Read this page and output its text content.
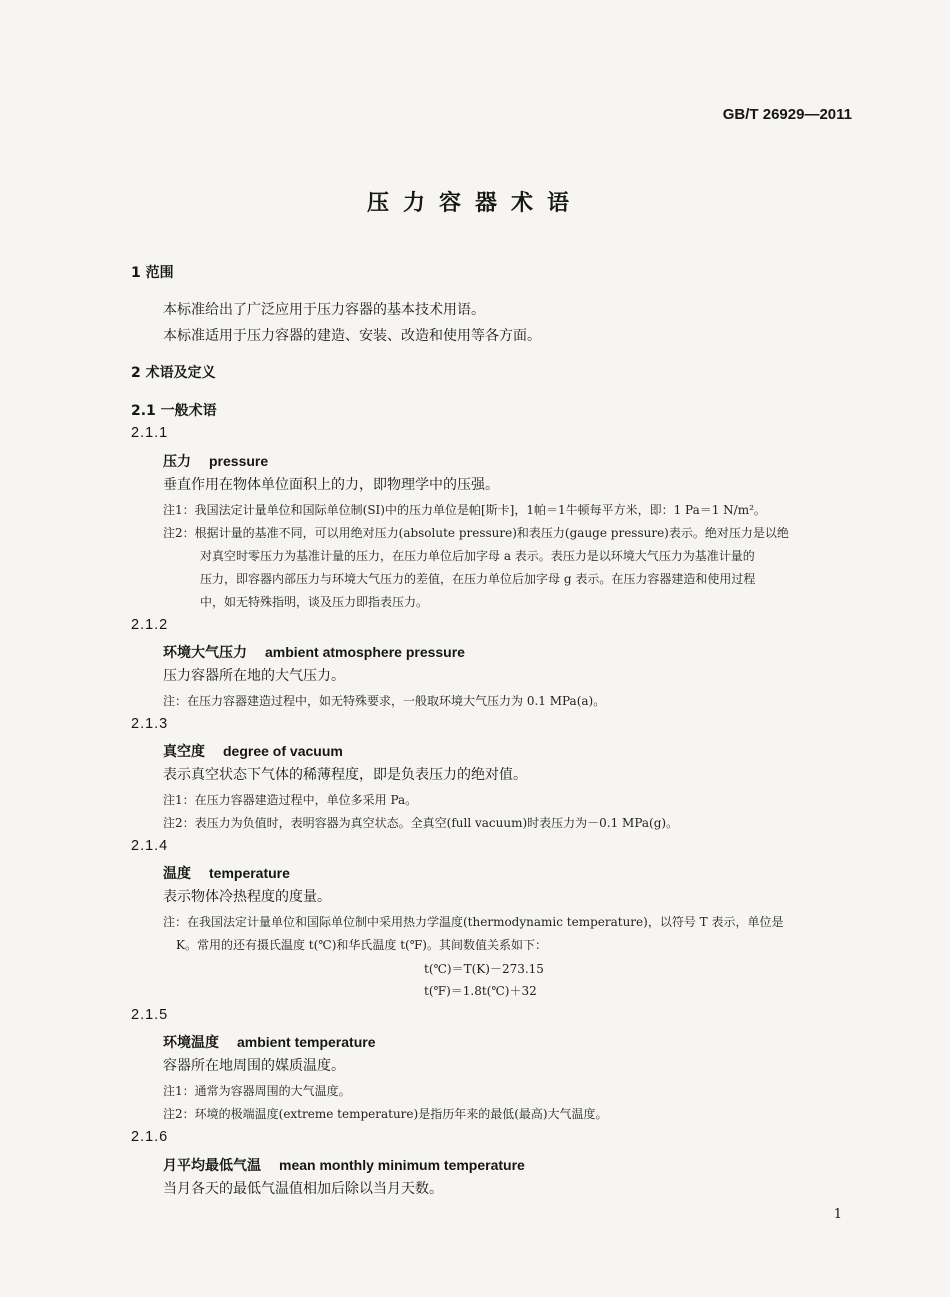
GB/T 26929—2011
压力容器术语
1 范围
本标准给出了广泛应用于压力容器的基本技术用语。
本标准适用于压力容器的建造、安装、改造和使用等各方面。
2 术语及定义
2.1 一般术语
2.1.1
压力 pressure
垂直作用在物体单位面积上的力，即物理学中的压强。
注1：我国法定计量单位和国际单位制(SI)中的压力单位是帕[斯卡]，1帕＝1牛顿每平方米，即：1 Pa＝1 N/m²。
注2：根据计量的基准不同，可以用绝对压力(absolute pressure)和表压力(gauge pressure)表示。绝对压力是以绝
对真空时零压力为基准计量的压力，在压力单位后加字母 a 表示。表压力是以环境大气压力为基准计量的
压力，即容器内部压力与环境大气压力的差值，在压力单位后加字母 g 表示。在压力容器建造和使用过程
中，如无特殊指明，谈及压力即指表压力。
2.1.2
环境大气压力 ambient atmosphere pressure
压力容器所在地的大气压力。
注：在压力容器建造过程中，如无特殊要求，一般取环境大气压力为 0.1 MPa(a)。
2.1.3
真空度 degree of vacuum
表示真空状态下气体的稀薄程度，即是负表压力的绝对值。
注1：在压力容器建造过程中，单位多采用 Pa。
注2：表压力为负值时，表明容器为真空状态。全真空(full vacuum)时表压力为－0.1 MPa(g)。
2.1.4
温度 temperature
表示物体冷热程度的度量。
注：在我国法定计量单位和国际单位制中采用热力学温度(thermodynamic temperature)，以符号 T 表示，单位是
K。常用的还有摄氏温度 t(℃)和华氏温度 t(℉)。其间数值关系如下：
t(℃)＝T(K)－273.15
t(℉)＝1.8t(℃)＋32
2.1.5
环境温度 ambient temperature
容器所在地周围的媒质温度。
注1：通常为容器周围的大气温度。
注2：环境的极端温度(extreme temperature)是指历年来的最低(最高)大气温度。
2.1.6
月平均最低气温 mean monthly minimum temperature
当月各天的最低气温值相加后除以当月天数。
1
